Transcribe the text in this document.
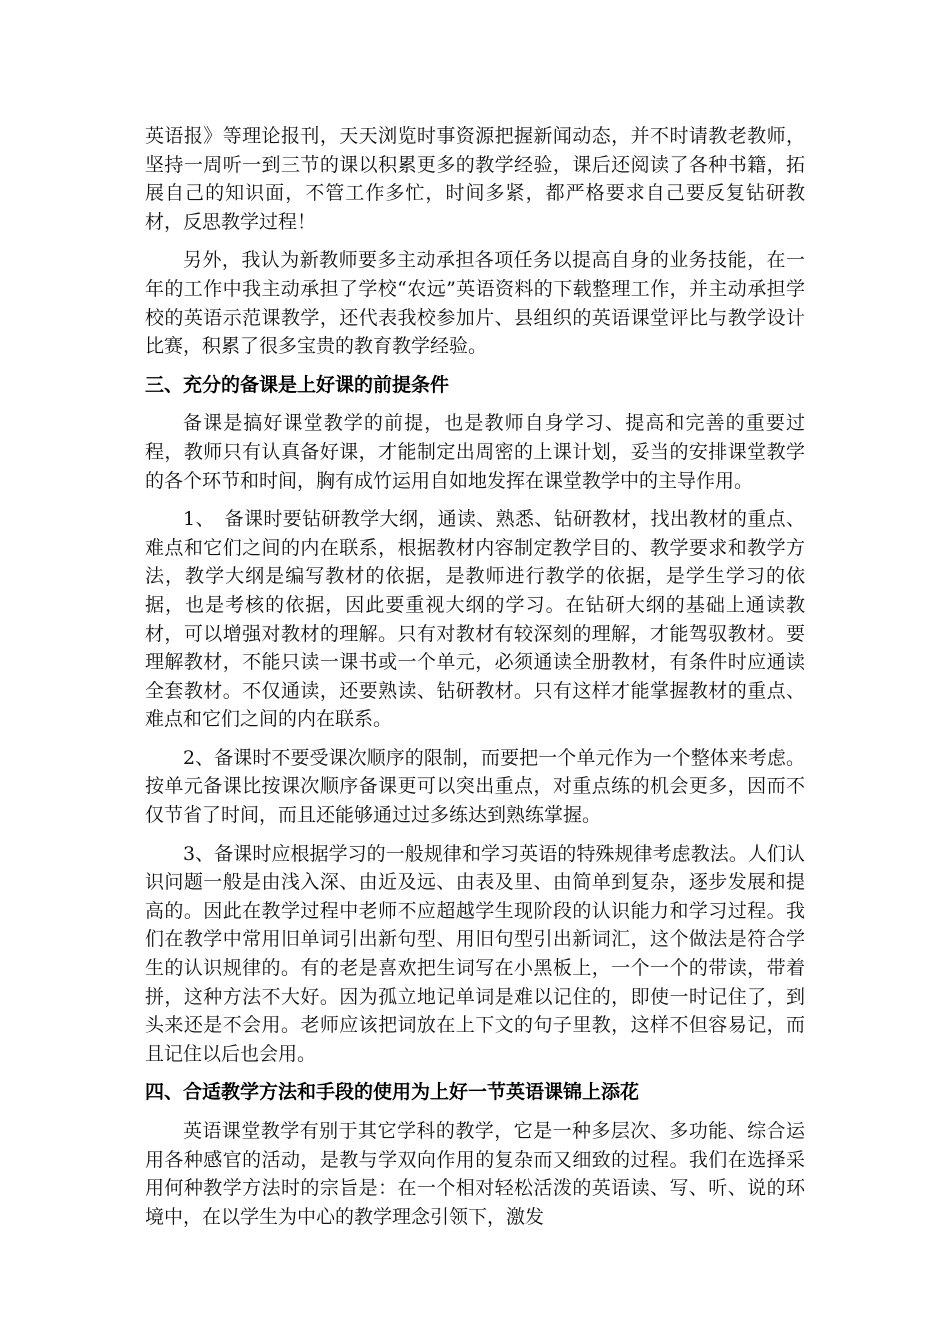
英语报》等理论报刊，天天浏览时事资源把握新闻动态，并不时请教老教师，坚持一周听一到三节的课以积累更多的教学经验，课后还阅读了各种书籍，拓展自己的知识面，不管工作多忙，时间多紧，都严格要求自己要反复钻研教材，反思教学过程！

另外，我认为新教师要多主动承担各项任务以提高自身的业务技能，在一年的工作中我主动承担了学校“农远”英语资料的下载整理工作，并主动承担学校的英语示范课教学，还代表我校参加片、县组织的英语课堂评比与教学设计比赛，积累了很多宝贵的教育教学经验。

三、充分的备课是上好课的前提条件

备课是搞好课堂教学的前提，也是教师自身学习、提高和完善的重要过程，教师只有认真备好课，才能制定出周密的上课计划，妥当的安排课堂教学的各个环节和时间，胸有成竹运用自如地发挥在课堂教学中的主导作用。

1、　备课时要钻研教学大纲，通读、熟悉、钻研教材，找出教材的重点、难点和它们之间的内在联系，根据教材内容制定教学目的、教学要求和教学方法，教学大纲是编写教材的依据，是教师进行教学的依据，是学生学习的依据，也是考核的依据，因此要重视大纲的学习。在钻研大纲的基础上通读教材，可以增强对教材的理解。只有对教材有较深刻的理解，才能驾驭教材。要理解教材，不能只读一课书或一个单元，必须通读全册教材，有条件时应通读全套教材。不仅通读，还要熟读、钻研教材。只有这样才能掌握教材的重点、难点和它们之间的内在联系。

2、备课时不要受课次顺序的限制，而要把一个单元作为一个整体来考虑。按单元备课比按课次顺序备课更可以突出重点，对重点练的机会更多，因而不仅节省了时间，而且还能够通过过多练达到熟练掌握。

3、备课时应根据学习的一般规律和学习英语的特殊规律考虑教法。人们认识问题一般是由浅入深、由近及远、由表及里、由简单到复杂，逐步发展和提高的。因此在教学过程中老师不应超越学生现阶段的认识能力和学习过程。我们在教学中常用旧单词引出新句型、用旧句型引出新词汇，这个做法是符合学生的认识规律的。有的老是喜欢把生词写在小黑板上，一个一个的带读，带着拼，这种方法不大好。因为孤立地记单词是难以记住的，即使一时记住了，到头来还是不会用。老师应该把词放在上下文的句子里教，这样不但容易记，而且记住以后也会用。

四、合适教学方法和手段的使用为上好一节英语课锦上添花

英语课堂教学有别于其它学科的教学，它是一种多层次、多功能、综合运用各种感官的活动，是教与学双向作用的复杂而又细致的过程。我们在选择采用何种教学方法时的宗旨是：在一个相对轻松活泼的英语读、写、听、说的环境中，在以学生为中心的教学理念引领下，激发
